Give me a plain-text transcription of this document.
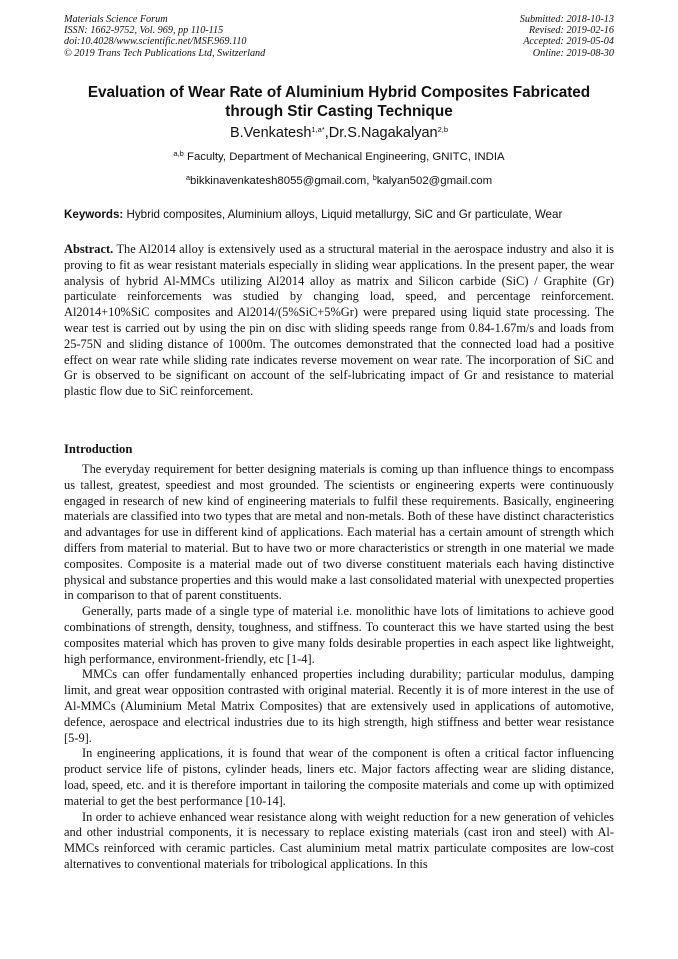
Materials Science Forum
ISSN: 1662-9752, Vol. 969, pp 110-115
doi:10.4028/www.scientific.net/MSF.969.110
© 2019 Trans Tech Publications Ltd, Switzerland
Submitted: 2018-10-13
Revised: 2019-02-16
Accepted: 2019-05-04
Online: 2019-08-30
Evaluation of Wear Rate of Aluminium Hybrid Composites Fabricated
through Stir Casting Technique
B.Venkatesh$^{1,a*}$,Dr.S.Nagakalyan$^{2,b}$
$^{a,b}$ Faculty, Department of Mechanical Engineering, GNITC, INDIA
$^a$bikkinavenkatesh8055@gmail.com, $^b$kalyan502@gmail.com
Keywords: Hybrid composites, Aluminium alloys, Liquid metallurgy, SiC and Gr particulate, Wear
Abstract. The Al2014 alloy is extensively used as a structural material in the aerospace industry and also it is proving to fit as wear resistant materials especially in sliding wear applications. In the present paper, the wear analysis of hybrid Al-MMCs utilizing Al2014 alloy as matrix and Silicon carbide (SiC) / Graphite (Gr) particulate reinforcements was studied by changing load, speed, and percentage reinforcement. Al2014+10%SiC composites and Al2014/(5%SiC+5%Gr) were prepared using liquid state processing. The wear test is carried out by using the pin on disc with sliding speeds range from 0.84-1.67m/s and loads from 25-75N and sliding distance of 1000m. The outcomes demonstrated that the connected load had a positive effect on wear rate while sliding rate indicates reverse movement on wear rate. The incorporation of SiC and Gr is observed to be significant on account of the self-lubricating impact of Gr and resistance to material plastic flow due to SiC reinforcement.
Introduction

The everyday requirement for better designing materials is coming up than influence things to encompass us tallest, greatest, speediest and most grounded. The scientists or engineering experts were continuously engaged in research of new kind of engineering materials to fulfil these requirements. Basically, engineering materials are classified into two types that are metal and non-metals. Both of these have distinct characteristics and advantages for use in different kind of applications. Each material has a certain amount of strength which differs from material to material. But to have two or more characteristics or strength in one material we made composites. Composite is a material made out of two diverse constituent materials each having distinctive physical and substance properties and this would make a last consolidated material with unexpected properties in comparison to that of parent constituents.

Generally, parts made of a single type of material i.e. monolithic have lots of limitations to achieve good combinations of strength, density, toughness, and stiffness. To counteract this we have started using the best composites material which has proven to give many folds desirable properties in each aspect like lightweight, high performance, environment-friendly, etc [1-4].

MMCs can offer fundamentally enhanced properties including durability; particular modulus, damping limit, and great wear opposition contrasted with original material. Recently it is of more interest in the use of Al-MMCs (Aluminium Metal Matrix Composites) that are extensively used in applications of automotive, defence, aerospace and electrical industries due to its high strength, high stiffness and better wear resistance [5-9].

In engineering applications, it is found that wear of the component is often a critical factor influencing product service life of pistons, cylinder heads, liners etc. Major factors affecting wear are sliding distance, load, speed, etc. and it is therefore important in tailoring the composite materials and come up with optimized material to get the best performance [10-14].

In order to achieve enhanced wear resistance along with weight reduction for a new generation of vehicles and other industrial components, it is necessary to replace existing materials (cast iron and steel) with Al-MMCs reinforced with ceramic particles. Cast aluminium metal matrix particulate composites are low-cost alternatives to conventional materials for tribological applications. In this
